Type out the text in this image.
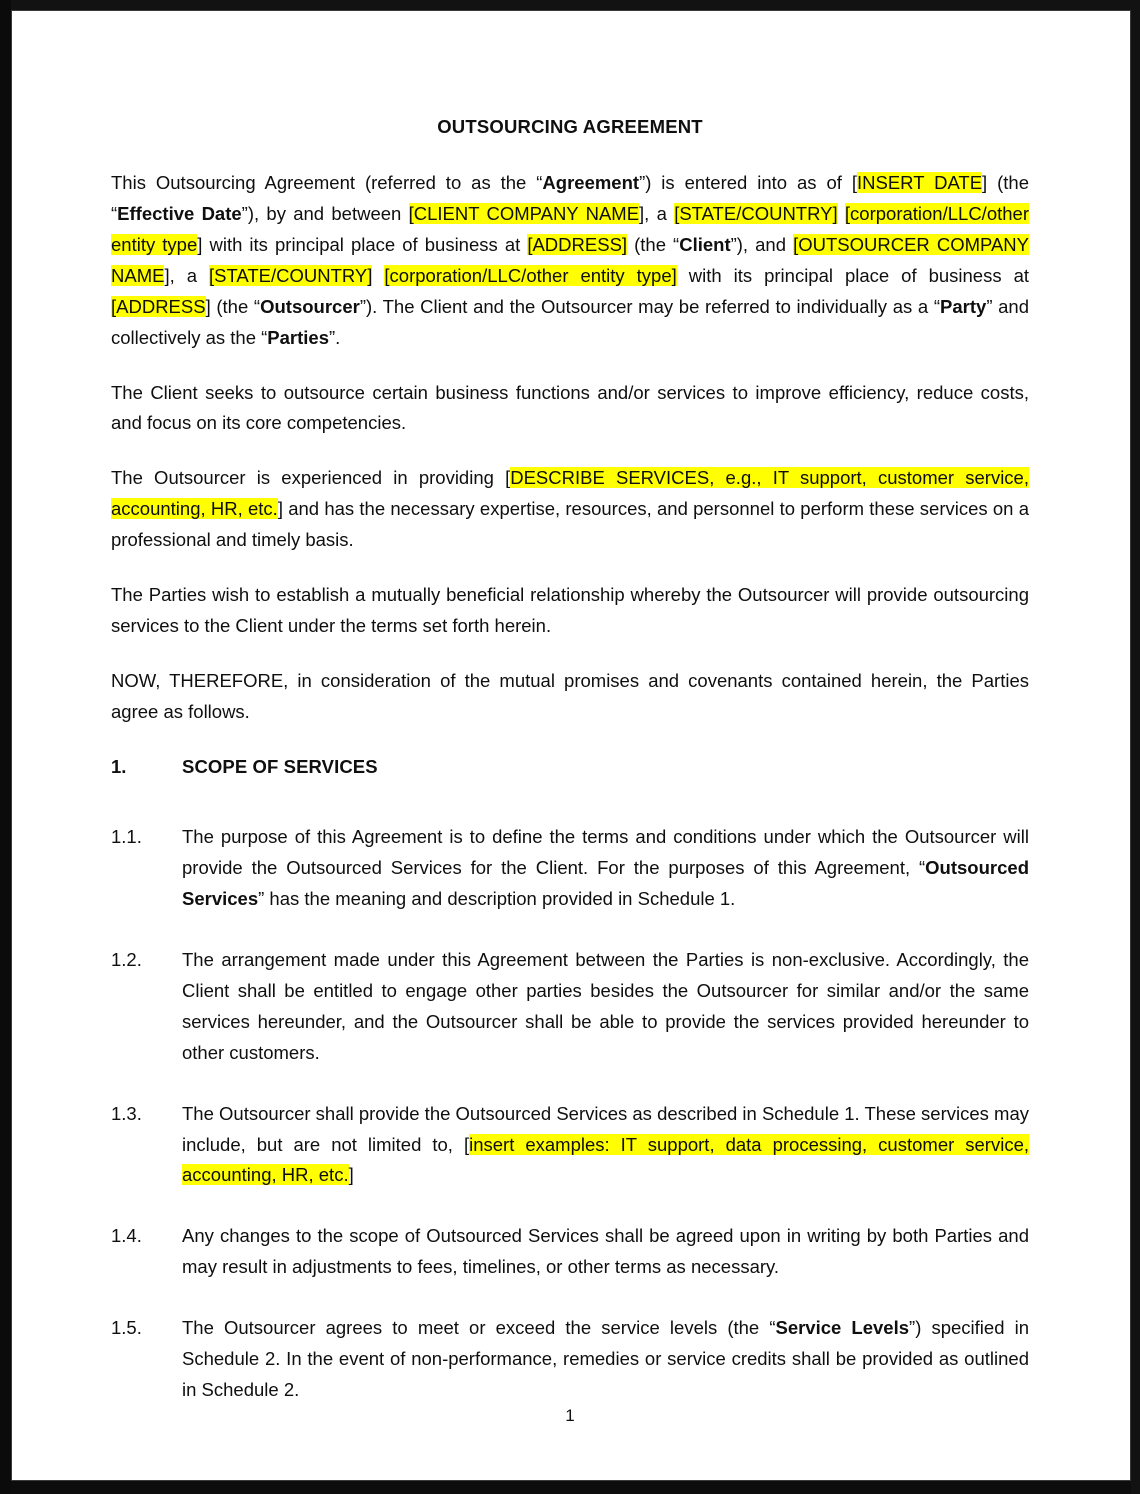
OUTSOURCING AGREEMENT

This Outsourcing Agreement (referred to as the “Agreement”) is entered into as of [INSERT DATE] (the “Effective Date”), by and between [CLIENT COMPANY NAME], a [STATE/COUNTRY] [corporation/LLC/other entity type] with its principal place of business at [ADDRESS] (the “Client”), and [OUTSOURCER COMPANY NAME], a [STATE/COUNTRY] [corporation/LLC/other entity type] with its principal place of business at [ADDRESS] (the “Outsourcer”). The Client and the Outsourcer may be referred to individually as a “Party” and collectively as the “Parties”.

The Client seeks to outsource certain business functions and/or services to improve efficiency, reduce costs, and focus on its core competencies.

The Outsourcer is experienced in providing [DESCRIBE SERVICES, e.g., IT support, customer service, accounting, HR, etc.] and has the necessary expertise, resources, and personnel to perform these services on a professional and timely basis.

The Parties wish to establish a mutually beneficial relationship whereby the Outsourcer will provide outsourcing services to the Client under the terms set forth herein.

NOW, THEREFORE, in consideration of the mutual promises and covenants contained herein, the Parties agree as follows.

1.	SCOPE OF SERVICES
1.1.	The purpose of this Agreement is to define the terms and conditions under which the Outsourcer will provide the Outsourced Services for the Client. For the purposes of this Agreement, “Outsourced Services” has the meaning and description provided in Schedule 1.
1.2.	The arrangement made under this Agreement between the Parties is non-exclusive. Accordingly, the Client shall be entitled to engage other parties besides the Outsourcer for similar and/or the same services hereunder, and the Outsourcer shall be able to provide the services provided hereunder to other customers.
1.3.	The Outsourcer shall provide the Outsourced Services as described in Schedule 1. These services may include, but are not limited to, [insert examples: IT support, data processing, customer service, accounting, HR, etc.]
1.4.	Any changes to the scope of Outsourced Services shall be agreed upon in writing by both Parties and may result in adjustments to fees, timelines, or other terms as necessary.
1.5.	The Outsourcer agrees to meet or exceed the service levels (the “Service Levels”) specified in Schedule 2. In the event of non-performance, remedies or service credits shall be provided as outlined in Schedule 2.
1
